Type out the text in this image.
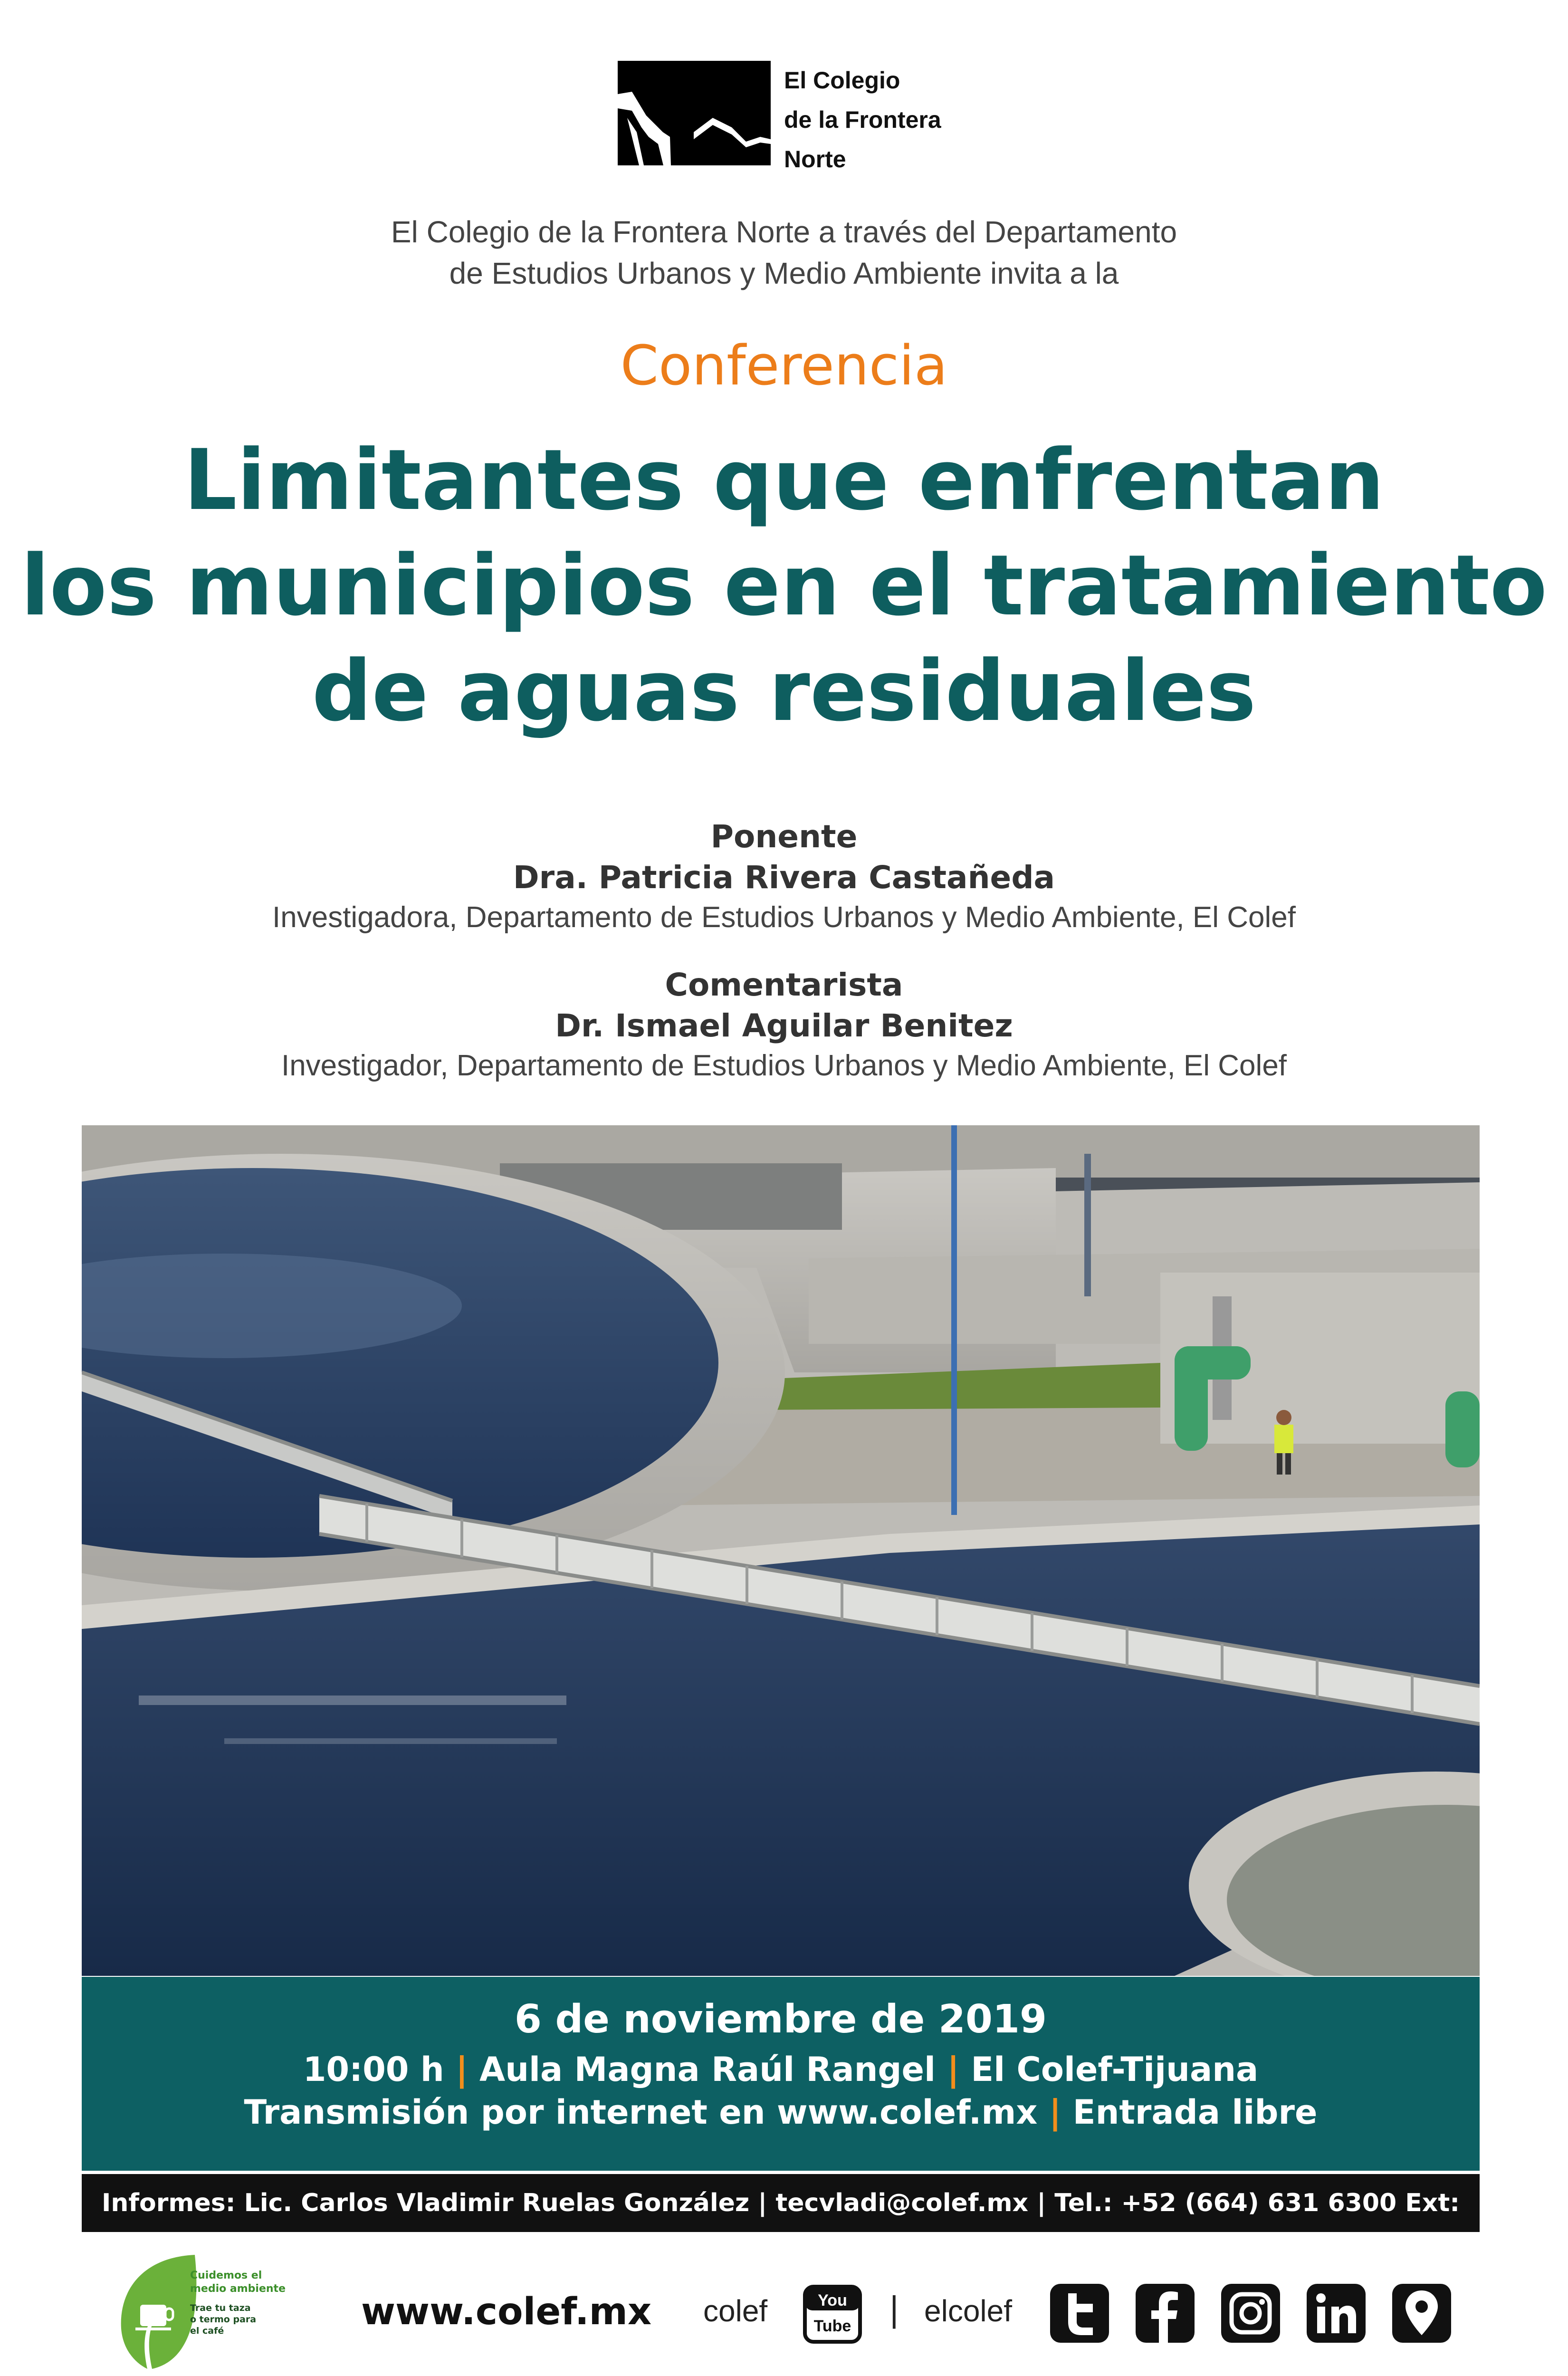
El Colegio
de la Frontera
Norte
El Colegio de la Frontera Norte a través del Departamento
de Estudios Urbanos y Medio Ambiente invita a la
Conferencia
Limitantes que enfrentan
los municipios en el tratamiento
de aguas residuales
Ponente
Dra. Patricia Rivera Castañeda
Investigadora, Departamento de Estudios Urbanos y Medio Ambiente, El Colef
Comentarista
Dr. Ismael Aguilar Benitez
Investigador, Departamento de Estudios Urbanos y Medio Ambiente, El Colef
6 de noviembre de 2019
10:00 h | Aula Magna Raúl Rangel | El Colef-Tijuana
Transmisión por internet en www.colef.mx | Entrada libre
Informes: Lic. Carlos Vladimir Ruelas González | tecvladi@colef.mx | Tel.: +52 (664) 631 6300 Ext: 1323
Cuidemos el
medio ambiente
Trae tu taza
o termo para
el café	www.colef.mx colef	You
Tube | elcolef
